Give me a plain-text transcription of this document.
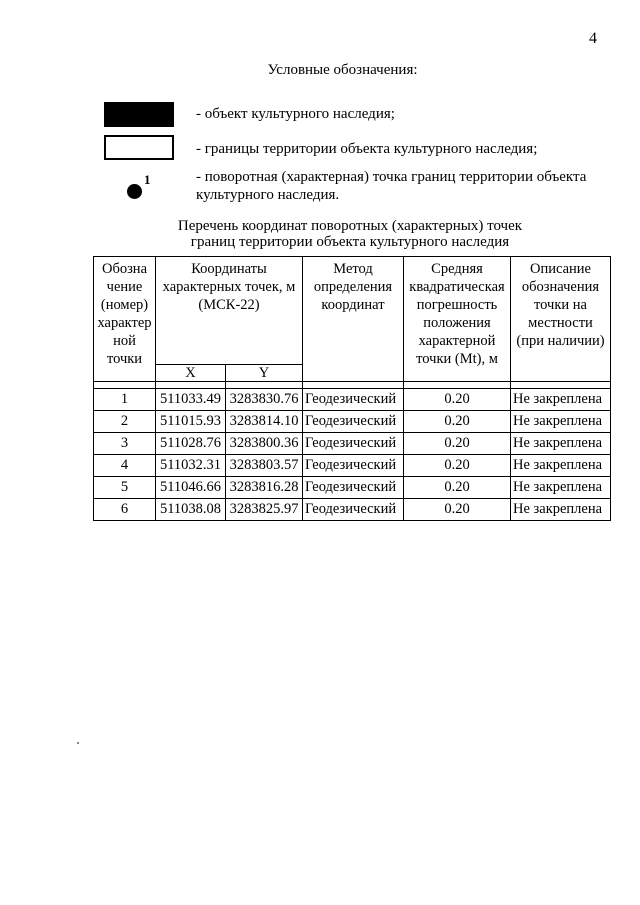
4
Условные обозначения:
- объект культурного наследия;
- границы территории объекта культурного наследия;
1	- поворотная (характерная) точка границ территории объекта культурного наследия.
Перечень координат поворотных (характерных) точек
границ территории объекта культурного наследия
Обозна чение (номер) характер ной точки	Координаты характерных точек, м (МСК-22)		Метод определения координат	Средняя квадратическая погрешность положения характерной точки (Mt), м	Описание обозначения точки на местности (при наличии)

	X	Y			

1	511033.49	3283830.76	Геодезический	0.20	Не закреплена
2	511015.93	3283814.10	Геодезический	0.20	Не закреплена
3	511028.76	3283800.36	Геодезический	0.20	Не закреплена
4	511032.31	3283803.57	Геодезический	0.20	Не закреплена
5	511046.66	3283816.28	Геодезический	0.20	Не закреплена
6	511038.08	3283825.97	Геодезический	0.20	Не закреплена
